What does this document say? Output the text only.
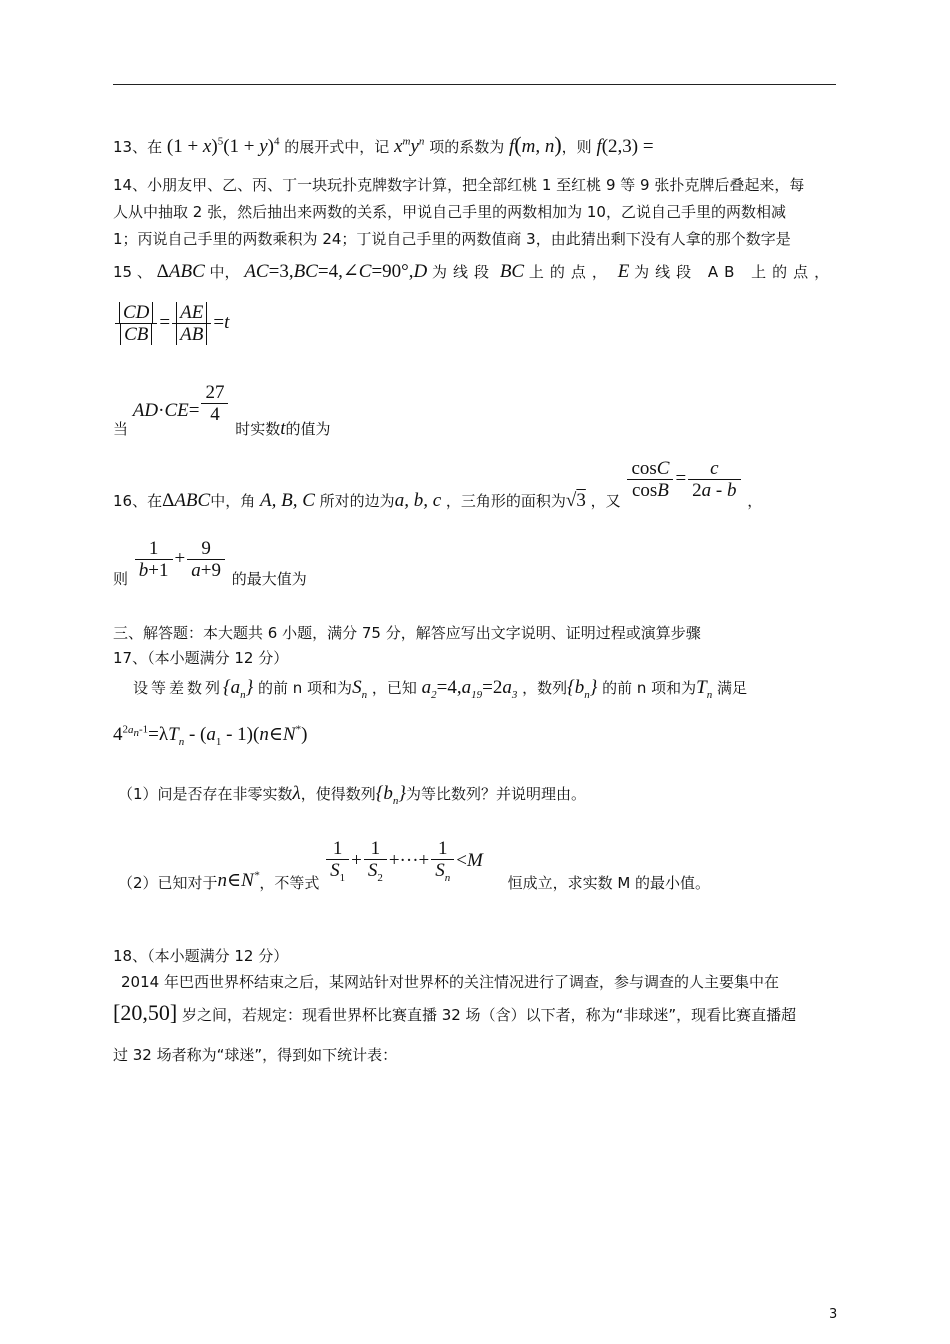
13、在 $(1 + x)^5(1 + y)^4$ 的展开式中，记 $x^my^n$ 项的系数为 f(m, n)，则 f(2,3) =
14、小朋友甲、乙、丙、丁一块玩扑克牌数字计算，把全部红桃 1 至红桃 9 等 9 张扑克牌后叠起来，每
人从中抽取 2 张，然后抽出来两数的关系，甲说自己手里的两数相加为 10，乙说自己手里的两数相减
1；丙说自己手里的两数乘积为 24；丁说自己手里的两数值商 3，由此猜出剩下没有人拿的那个数字是
15 、 ΔABC 中， AC=3,BC=4,∠C=90°,D 为线段 BC 上的点， E 为线段 AB 上的点，
$\frac{CD}{CB} = \frac{AE}{AB} =t$
当 $AD\cdot CE= \frac{27}{4}$
时实数t的值为
16、在ΔABC中，角 A, B, C 所对的边为a, b, c ，三角形的面积为√3 ，又 $\frac{\cos C}{\cos B} = \frac{c}{2a - b}$ ，
则 $\frac{1}{b+1} + \frac{9}{a+9}$ 的最大值为
三、解答题：本大题共 6 小题，满分 75 分，解答应写出文字说明、证明过程或演算步骤
17、（本小题满分 12 分）
设等差数列$\{a_n\}$ 的前 n 项和为$S_n$ ，已知 $a_2=4,a_{19}=2a_3$ ，数列$\{b_n\}$ 的前 n 项和为$T_n$ 满足
$4^{2a_n-1}=\lambda T_n - (a_1$ - 1)(n∈N*)
（1）问是否存在非零实数λ，使得数列$\{b_n\}$为等比数列？并说明理由。
（2）已知对于n∈N*，不等式 $\frac{1}{S_1} + \frac{1}{S_2}$ +···+ $\frac{1}{S_n} <M$ 恒成立，求实数 M 的最小值。
18、（本小题满分 12 分）
2014 年巴西世界杯结束之后，某网站针对世界杯的关注情况进行了调查，参与调查的人主要集中在
[20,50] 岁之间，若规定：现看世界杯比赛直播 32 场（含）以下者，称为“非球迷”，现看比赛直播超
过 32 场者称为“球迷”，得到如下统计表：
3
